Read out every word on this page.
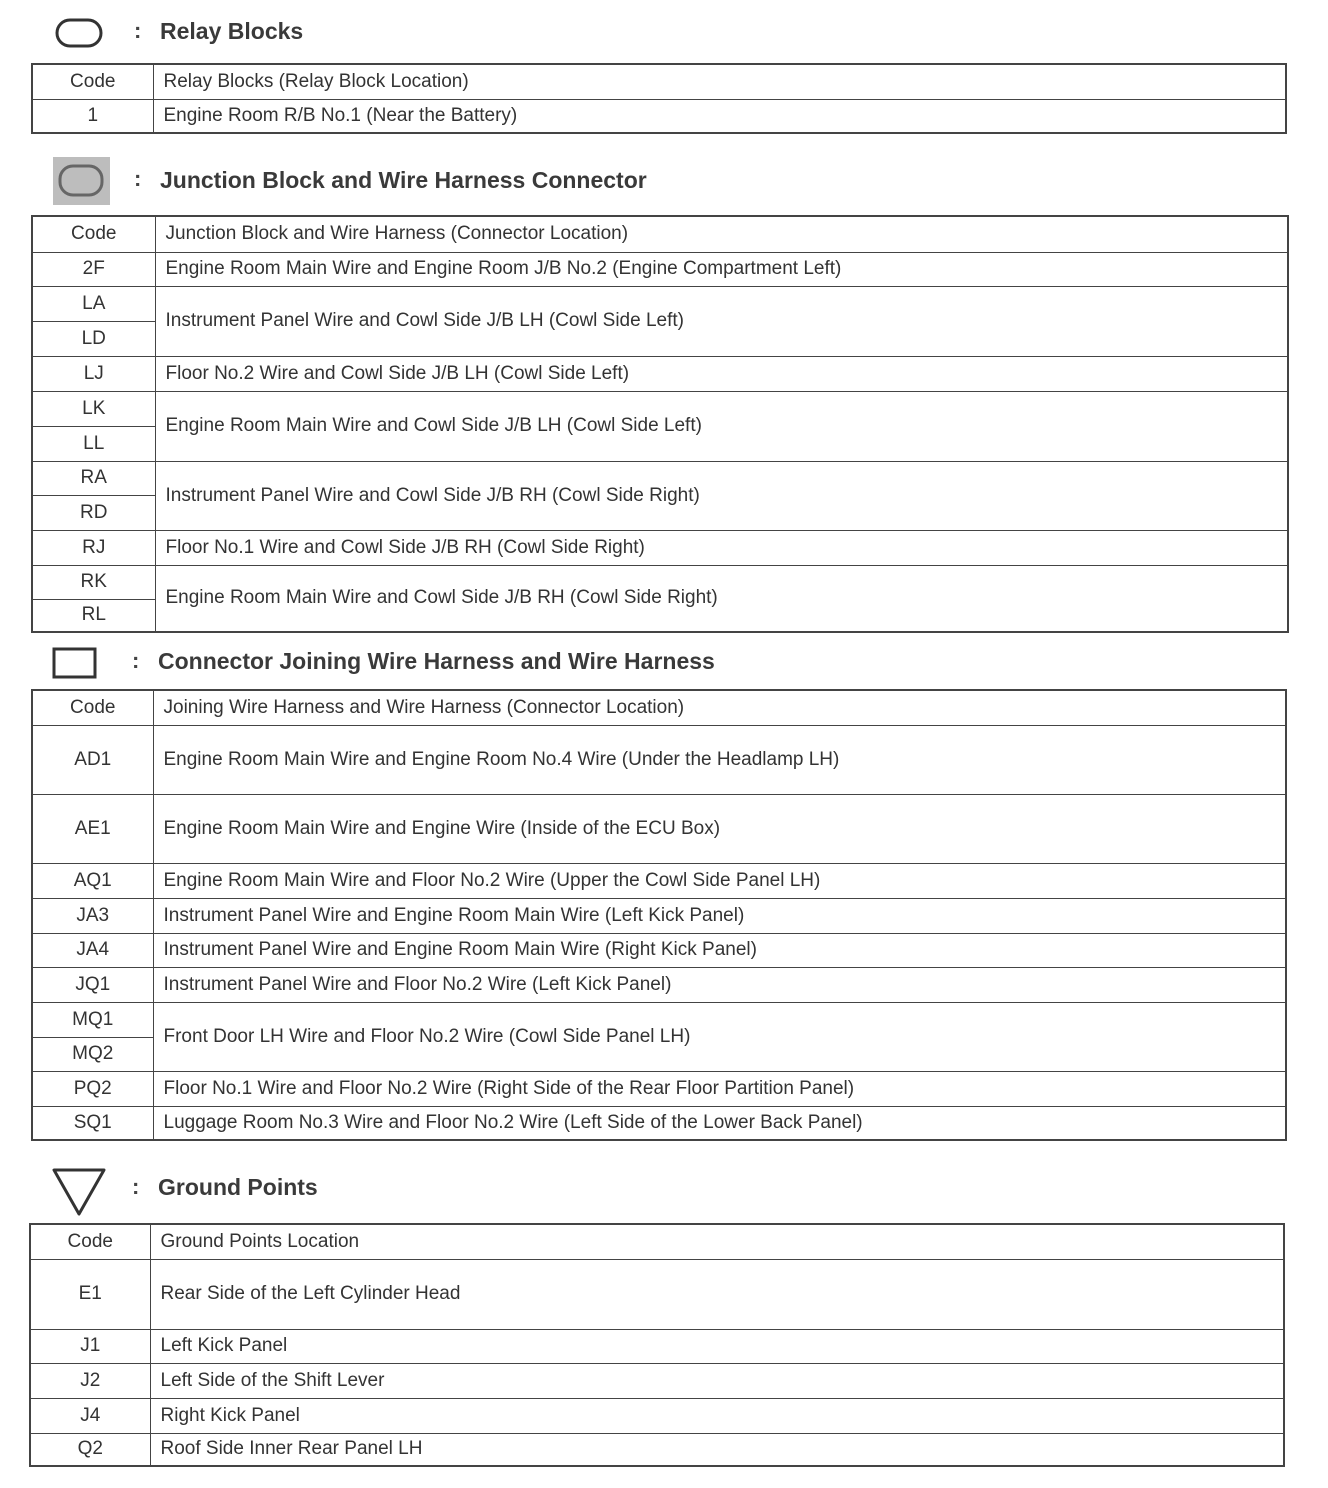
: Relay Blocks
Code	Relay Blocks (Relay Block Location)
1	Engine Room R/B No.1 (Near the Battery)
: Junction Block and Wire Harness Connector
Code	Junction Block and Wire Harness (Connector Location)
2F	Engine Room Main Wire and Engine Room J/B No.2 (Engine Compartment Left)
LA	Instrument Panel Wire and Cowl Side J/B LH (Cowl Side Left)
LD	
LJ	Floor No.2 Wire and Cowl Side J/B LH (Cowl Side Left)
LK	Engine Room Main Wire and Cowl Side J/B LH (Cowl Side Left)
LL	
RA	Instrument Panel Wire and Cowl Side J/B RH (Cowl Side Right)
RD	
RJ	Floor No.1 Wire and Cowl Side J/B RH (Cowl Side Right)
RK	Engine Room Main Wire and Cowl Side J/B RH (Cowl Side Right)
RL	
: Connector Joining Wire Harness and Wire Harness
Code	Joining Wire Harness and Wire Harness (Connector Location)
AD1	Engine Room Main Wire and Engine Room No.4 Wire (Under the Headlamp LH)
AE1	Engine Room Main Wire and Engine Wire (Inside of the ECU Box)
AQ1	Engine Room Main Wire and Floor No.2 Wire (Upper the Cowl Side Panel LH)
JA3	Instrument Panel Wire and Engine Room Main Wire (Left Kick Panel)
JA4	Instrument Panel Wire and Engine Room Main Wire (Right Kick Panel)
JQ1	Instrument Panel Wire and Floor No.2 Wire (Left Kick Panel)
MQ1	Front Door LH Wire and Floor No.2 Wire (Cowl Side Panel LH)
MQ2	
PQ2	Floor No.1 Wire and Floor No.2 Wire (Right Side of the Rear Floor Partition Panel)
SQ1	Luggage Room No.3 Wire and Floor No.2 Wire (Left Side of the Lower Back Panel)
: Ground Points
Code	Ground Points Location
E1	Rear Side of the Left Cylinder Head
J1	Left Kick Panel
J2	Left Side of the Shift Lever
J4	Right Kick Panel
Q2	Roof Side Inner Rear Panel LH
